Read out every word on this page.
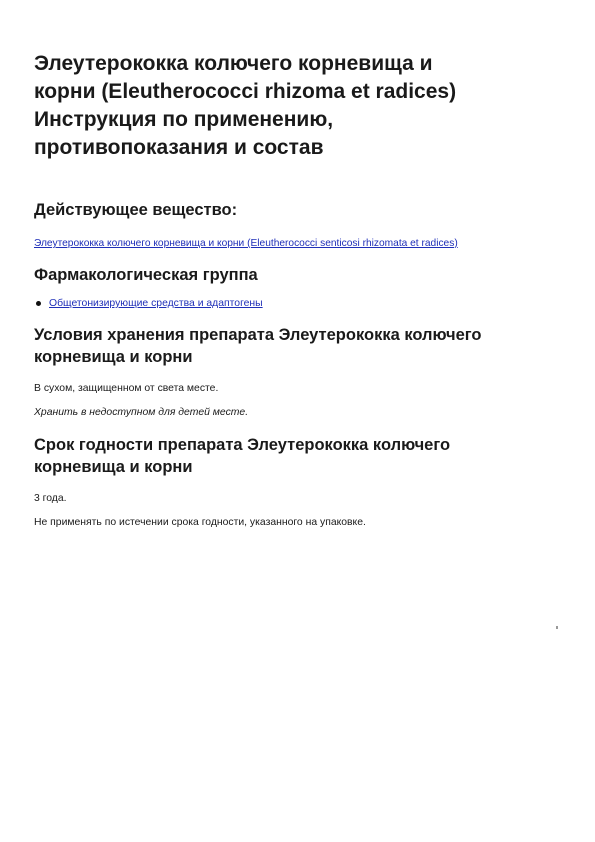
Элеутерококка колючего корневища и
корни (Eleutherococci rhizoma et radices)
Инструкция по применению,
противопоказания и состав
Действующее вещество:
Элеутерококка колючего корневища и корни (Eleutherococci senticosi rhizomata et radices)
Фармакологическая группа
Общетонизирующие средства и адаптогены
Условия хранения препарата Элеутерококка колючего
корневища и корни

В сухом, защищенном от света месте.

Хранить в недоступном для детей месте.

Срок годности препарата Элеутерококка колючего
корневища и корни

3 года.

Не применять по истечении срока годности, указанного на упаковке.
